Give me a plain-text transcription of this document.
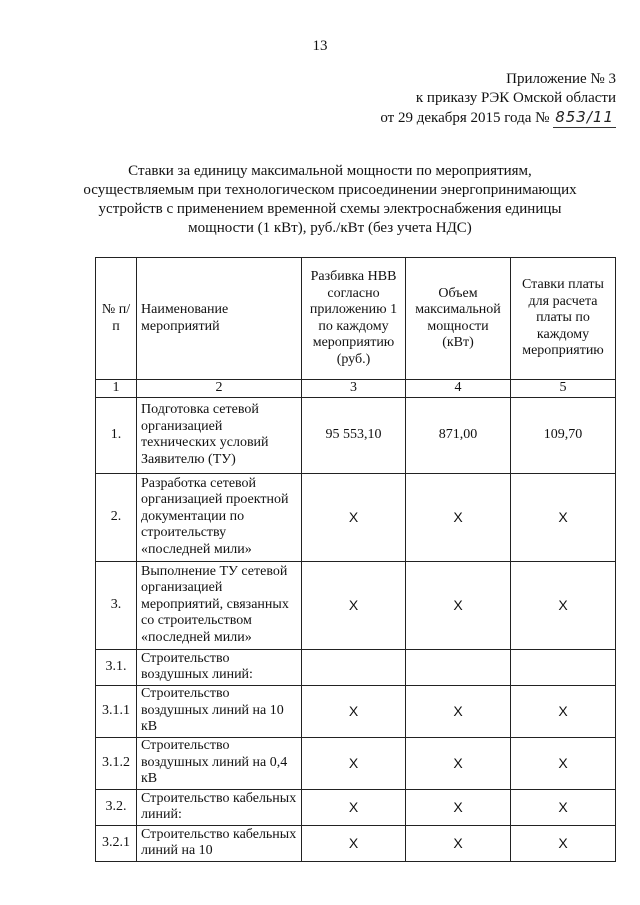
13
Приложение № 3
к приказу РЭК Омской области
от 29 декабря 2015 года № 853/11
Ставки за единицу максимальной мощности по мероприятиям,
осуществляемым при технологическом присоединении энергопринимающих
устройств с применением временной схемы электроснабжения единицы
мощности (1 кВт), руб./кВт (без учета НДС)
№ п/п	Наименование мероприятий	Разбивка НВВ согласно приложению 1 по каждому мероприятию (руб.)	Объем максимальной мощности (кВт)	Ставки платы для расчета платы по каждому мероприятию
1	2	3	4	5
1.	Подготовка сетевой организацией технических условий Заявителю (ТУ)	95 553,10	871,00	109,70
2.	Разработка сетевой организацией проектной документации по строительству «последней мили»	X	X	X
3.	Выполнение ТУ сетевой организацией мероприятий, связанных со строительством «последней мили»	X	X	X
3.1.	Строительство воздушных линий:			
3.1.1	Строительство воздушных линий на 10 кВ	X	X	X
3.1.2	Строительство воздушных линий на 0,4 кВ	X	X	X
3.2.	Строительство кабельных линий:	X	X	X
3.2.1	Строительство кабельных линий на 10	X	X	X
